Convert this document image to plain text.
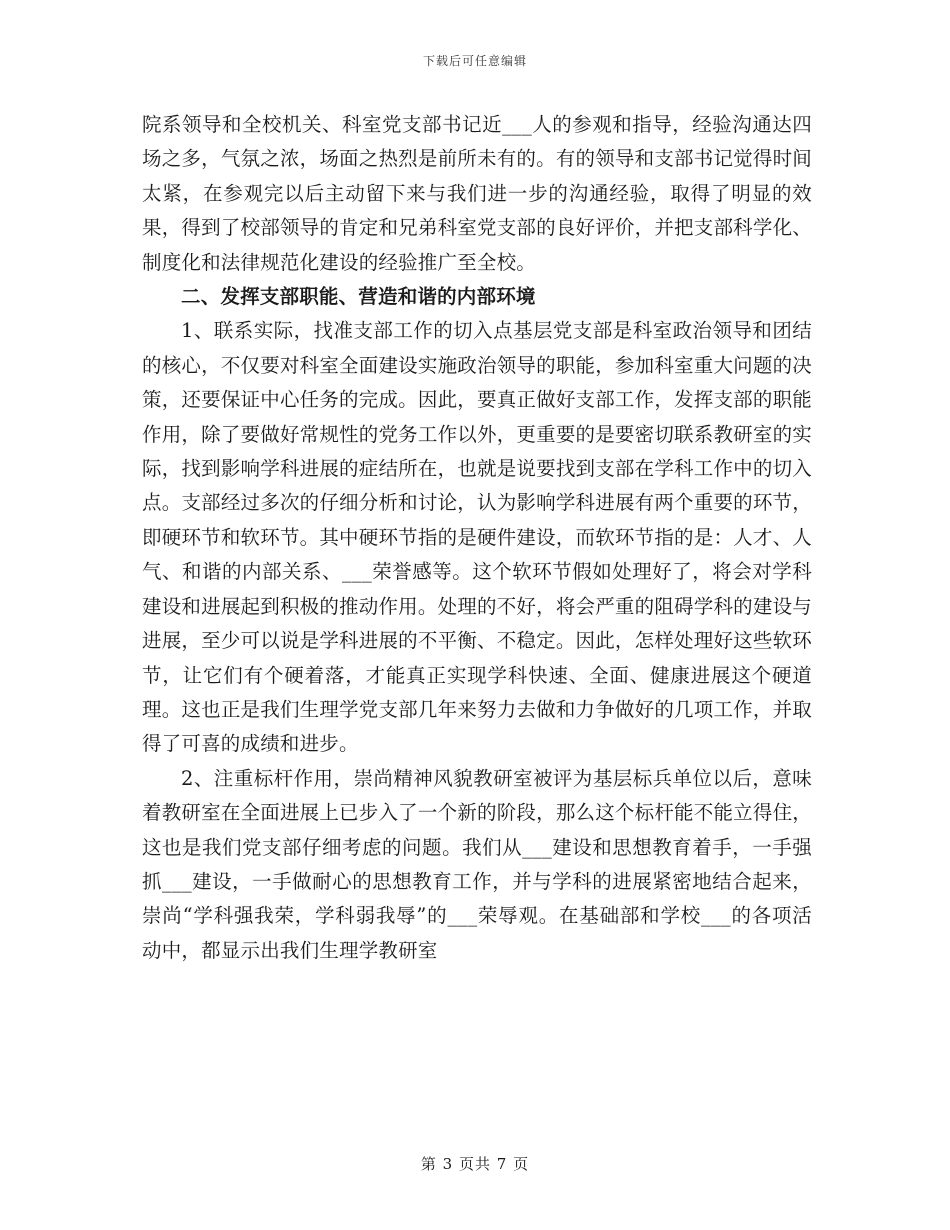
下载后可任意编辑

院系领导和全校机关、科室党支部书记近___人的参观和指导，经验沟通达四场之多，气氛之浓，场面之热烈是前所未有的。有的领导和支部书记觉得时间太紧，在参观完以后主动留下来与我们进一步的沟通经验，取得了明显的效果，得到了校部领导的肯定和兄弟科室党支部的良好评价，并把支部科学化、制度化和法律规范化建设的经验推广至全校。

二、发挥支部职能、营造和谐的内部环境

1、联系实际，找准支部工作的切入点基层党支部是科室政治领导和团结的核心，不仅要对科室全面建设实施政治领导的职能，参加科室重大问题的决策，还要保证中心任务的完成。因此，要真正做好支部工作，发挥支部的职能作用，除了要做好常规性的党务工作以外，更重要的是要密切联系教研室的实际，找到影响学科进展的症结所在，也就是说要找到支部在学科工作中的切入点。支部经过多次的仔细分析和讨论，认为影响学科进展有两个重要的环节，即硬环节和软环节。其中硬环节指的是硬件建设，而软环节指的是：人才、人气、和谐的内部关系、___荣誉感等。这个软环节假如处理好了，将会对学科建设和进展起到积极的推动作用。处理的不好，将会严重的阻碍学科的建设与进展，至少可以说是学科进展的不平衡、不稳定。因此，怎样处理好这些软环节，让它们有个硬着落，才能真正实现学科快速、全面、健康进展这个硬道理。这也正是我们生理学党支部几年来努力去做和力争做好的几项工作，并取得了可喜的成绩和进步。

2、注重标杆作用，崇尚精神风貌教研室被评为基层标兵单位以后，意味着教研室在全面进展上已步入了一个新的阶段，那么这个标杆能不能立得住，这也是我们党支部仔细考虑的问题。我们从___建设和思想教育着手，一手强抓___建设，一手做耐心的思想教育工作，并与学科的进展紧密地结合起来，崇尚“学科强我荣，学科弱我辱”的___荣辱观。在基础部和学校___的各项活动中，都显示出我们生理学教研室

第 3 页共 7 页
